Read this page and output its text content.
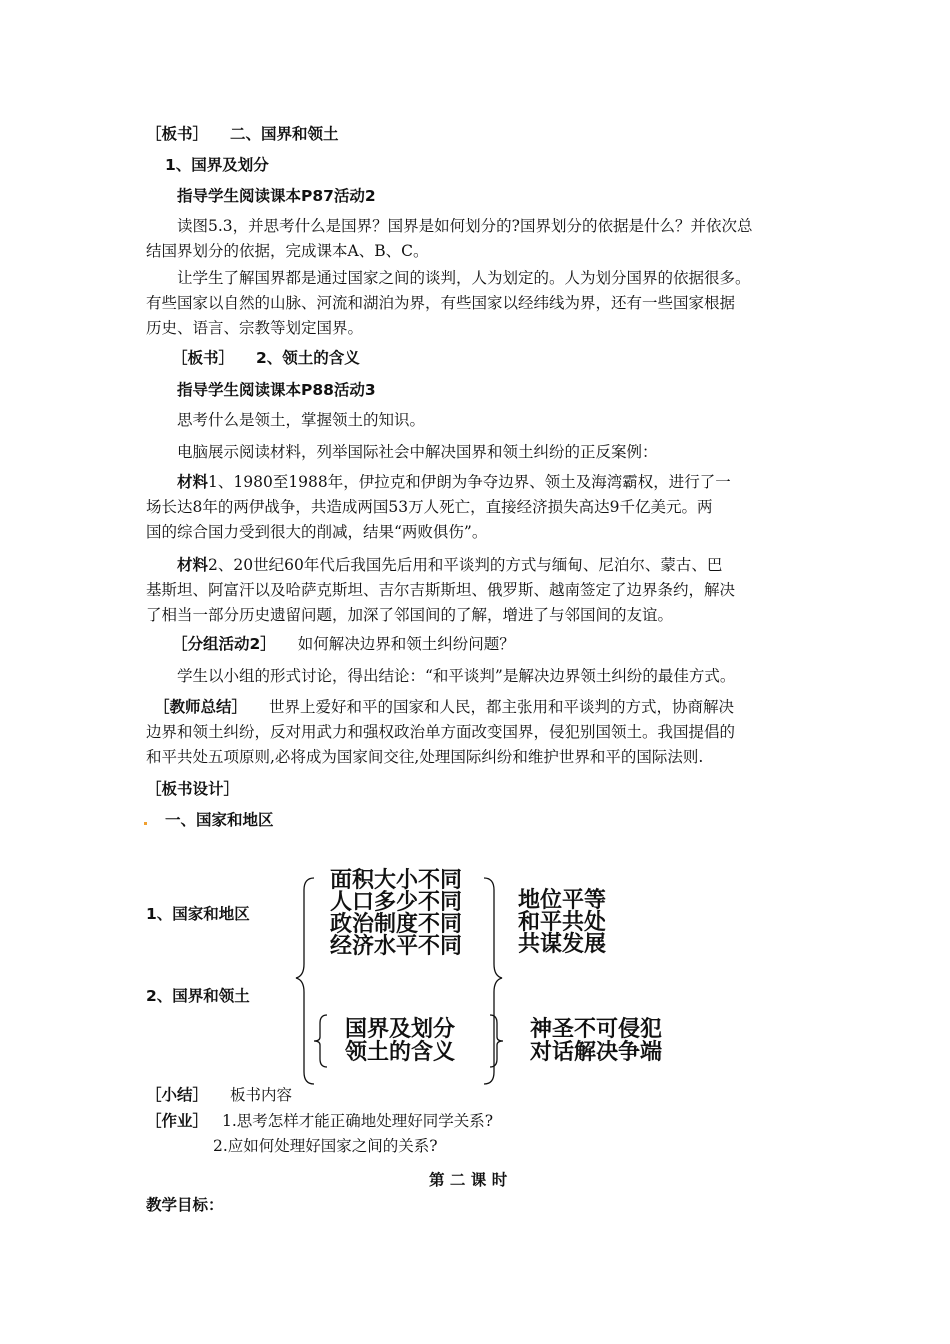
［板书］ 二、国界和领土
1、国界及划分
指导学生阅读课本P87活动2
读图5.3，并思考什么是国界？国界是如何划分的?国界划分的依据是什么？并依次总
结国界划分的依据，完成课本A、B、C。
让学生了解国界都是通过国家之间的谈判，人为划定的。人为划分国界的依据很多。
有些国家以自然的山脉、河流和湖泊为界，有些国家以经纬线为界，还有一些国家根据
历史、语言、宗教等划定国界。
［板书］ 2、领土的含义
指导学生阅读课本P88活动3
思考什么是领土，掌握领土的知识。
电脑展示阅读材料，列举国际社会中解决国界和领土纠纷的正反案例：
材料1、1980至1988年，伊拉克和伊朗为争夺边界、领土及海湾霸权，进行了一
场长达8年的两伊战争，共造成两国53万人死亡，直接经济损失高达9千亿美元。两
国的综合国力受到很大的削减，结果“两败俱伤”。
材料2、20世纪60年代后我国先后用和平谈判的方式与缅甸、尼泊尔、蒙古、巴
基斯坦、阿富汗以及哈萨克斯坦、吉尔吉斯斯坦、俄罗斯、越南签定了边界条约，解决
了相当一部分历史遗留问题，加深了邻国间的了解，增进了与邻国间的友谊。
［分组活动2］ 如何解决边界和领土纠纷问题？
学生以小组的形式讨论，得出结论：“和平谈判”是解决边界领土纠纷的最佳方式。
［教师总结］ 世界上爱好和平的国家和人民，都主张用和平谈判的方式，协商解决
边界和领土纠纷，反对用武力和强权政治单方面改变国界，侵犯别国领土。我国提倡的
和平共处五项原则,必将成为国家间交往,处理国际纠纷和维护世界和平的国际法则.
［板书设计］
一、国家和地区
1、国家和地区
2、国界和领土
面积大小不同
人口多少不同
政治制度不同
经济水平不同
地位平等
和平共处
共谋发展
国界及划分
领土的含义
神圣不可侵犯
对话解决争端
［小结］ 板书内容
［作业］ 1.思考怎样才能正确地处理好同学关系?
2.应如何处理好国家之间的关系?
第 二 课 时
教学目标：
